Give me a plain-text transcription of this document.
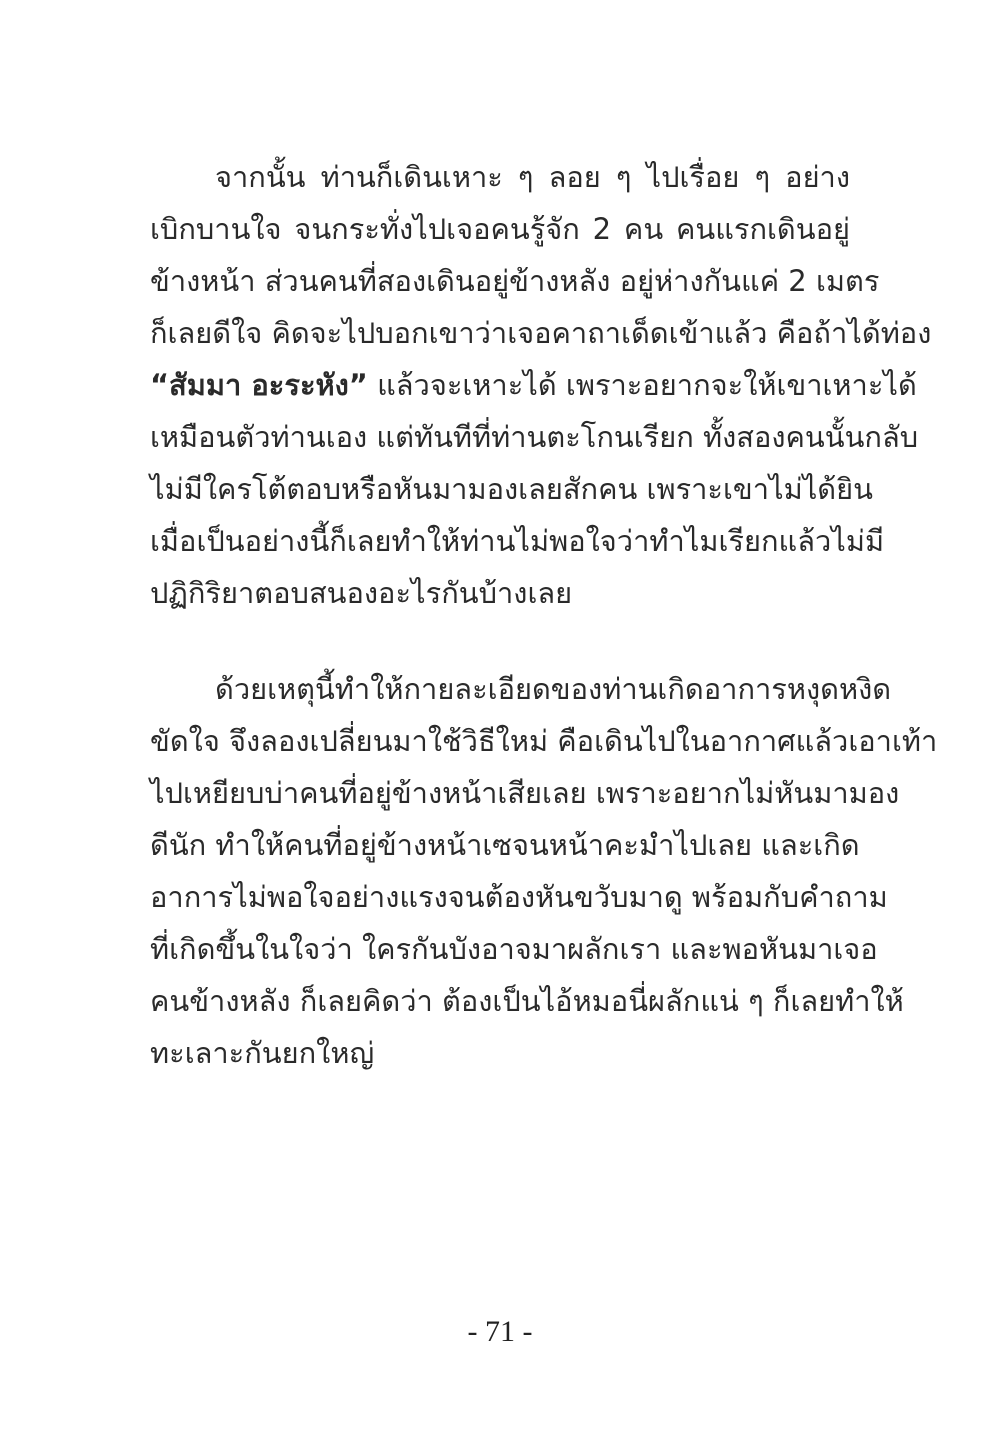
จากนั้น ท่านก็เดินเหาะ ๆ ลอย ๆ ไปเรื่อย ๆ อย่าง
เบิกบานใจ จนกระทั่งไปเจอคนรู้จัก 2 คน คนแรกเดินอยู่
ข้างหน้า ส่วนคนที่สองเดินอยู่ข้างหลัง อยู่ห่างกันแค่ 2 เมตร
ก็เลยดีใจ คิดจะไปบอกเขาว่าเจอคาถาเด็ดเข้าแล้ว คือถ้าได้ท่อง
“สัมมา อะระหัง” แล้วจะเหาะได้ เพราะอยากจะให้เขาเหาะได้
เหมือนตัวท่านเอง แต่ทันทีที่ท่านตะโกนเรียก ทั้งสองคนนั้นกลับ
ไม่มีใครโต้ตอบหรือหันมามองเลยสักคน เพราะเขาไม่ได้ยิน
เมื่อเป็นอย่างนี้ก็เลยทำให้ท่านไม่พอใจว่าทำไมเรียกแล้วไม่มี
ปฏิกิริยาตอบสนองอะไรกันบ้างเลย
ด้วยเหตุนี้ทำให้กายละเอียดของท่านเกิดอาการหงุดหงิด
ขัดใจ จึงลองเปลี่ยนมาใช้วิธีใหม่ คือเดินไปในอากาศแล้วเอาเท้า
ไปเหยียบบ่าคนที่อยู่ข้างหน้าเสียเลย เพราะอยากไม่หันมามอง
ดีนัก ทำให้คนที่อยู่ข้างหน้าเซจนหน้าคะมำไปเลย และเกิด
อาการไม่พอใจอย่างแรงจนต้องหันขวับมาดู พร้อมกับคำถาม
ที่เกิดขึ้นในใจว่า ใครกันบังอาจมาผลักเรา และพอหันมาเจอ
คนข้างหลัง ก็เลยคิดว่า ต้องเป็นไอ้หมอนี่ผลักแน่ ๆ ก็เลยทำให้
ทะเลาะกันยกใหญ่
- 71 -
